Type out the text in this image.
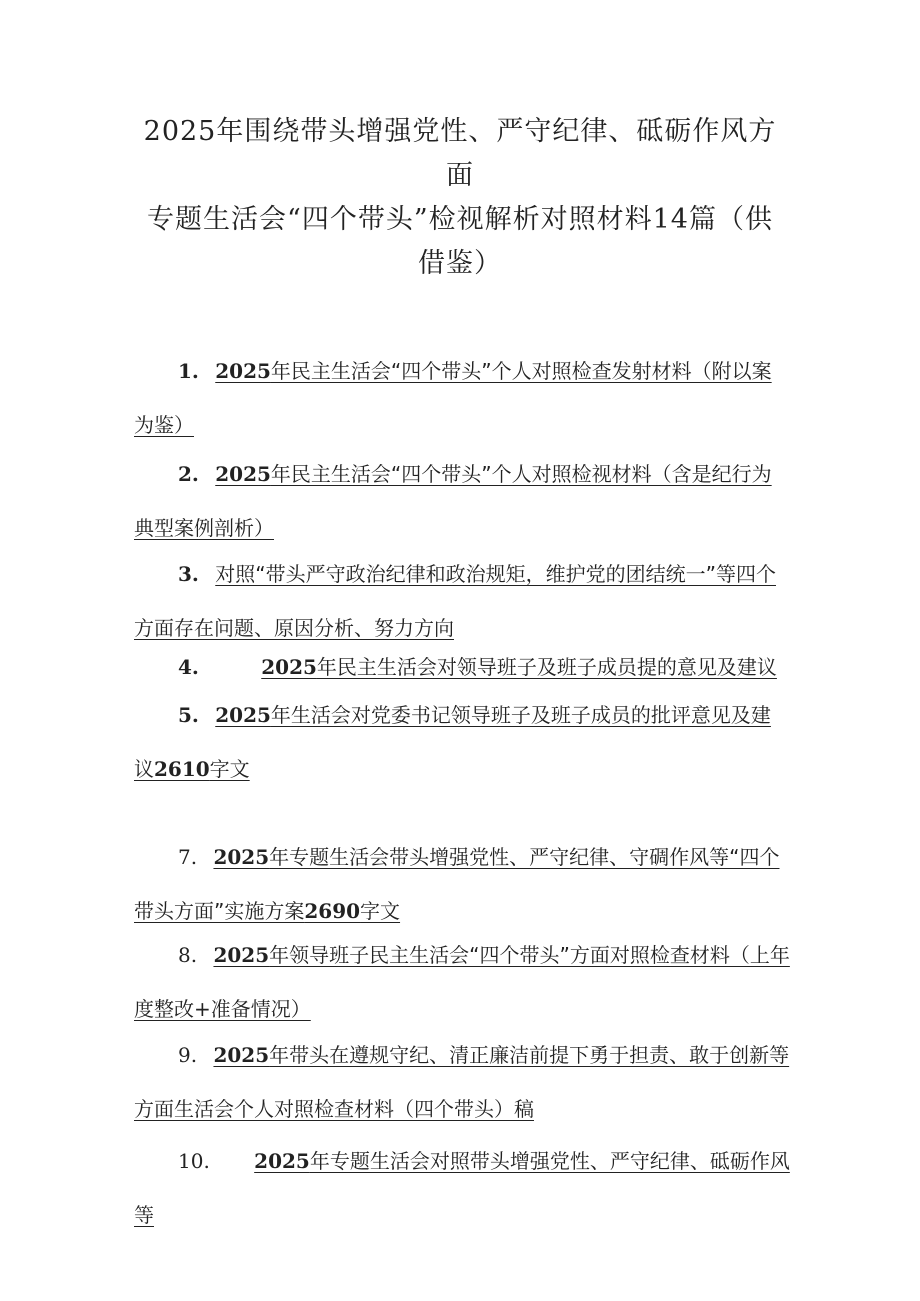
2025年围绕带头增强党性、严守纪律、砥砺作风方面
专题生活会“四个带头”检视解析对照材料14篇（供
借鉴）
1. 2025年民主生活会“四个带头”个人对照检查发射材料（附以案为鉴）
2. 2025年民主生活会“四个带头”个人对照检视材料（含是纪行为典型案例剖析）
3. 对照“带头严守政治纪律和政治规矩，维护党的团结统一”等四个方面存在问题、原因分析、努力方向
4.	2025年民主生活会对领导班子及班子成员提的意见及建议
5. 2025年生活会对党委书记领导班子及班子成员的批评意见及建议2610字文
7. 2025年专题生活会带头增强党性、严守纪律、守碉作风等“四个带头方面”实施方案2690字文
8. 2025年领导班子民主生活会“四个带头”方面对照检查材料（上年度整改+准备情况）
9. 2025年带头在遵规守纪、清正廉洁前提下勇于担责、敢于创新等方面生活会个人对照检查材料（四个带头）稿
10. 2025年专题生活会对照带头增强党性、严守纪律、砥砺作风等
